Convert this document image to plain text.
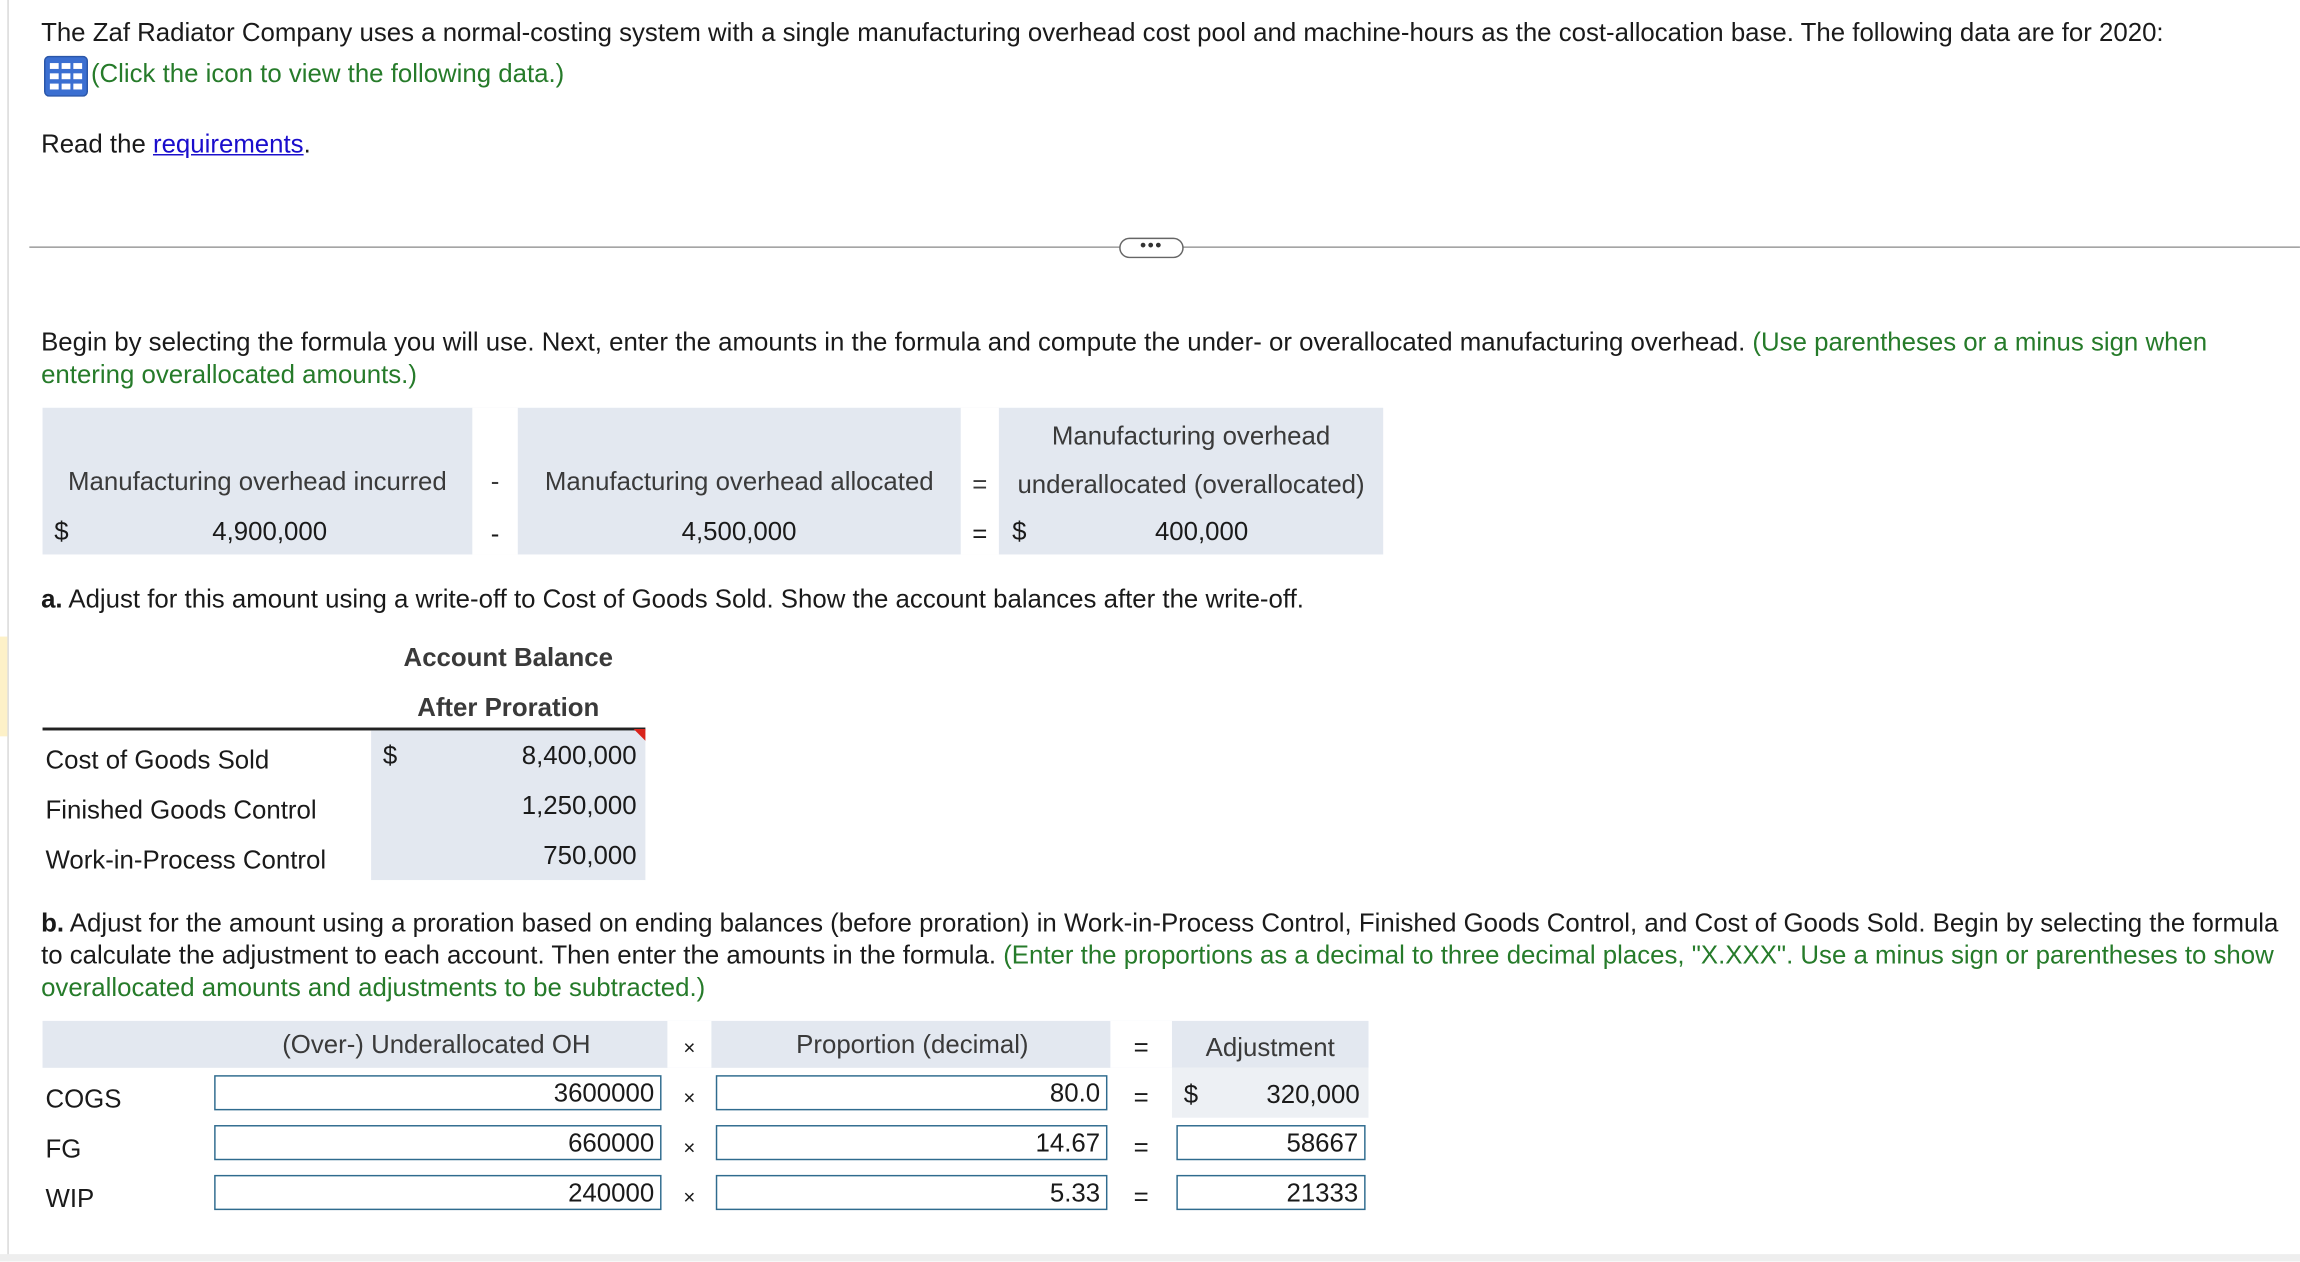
The Zaf Radiator Company uses a normal-costing system with a single manufacturing overhead cost pool and machine-hours as the cost-allocation base. The following data are for 2020:
(Click the icon to view the following data.)
Read the requirements.
•••
Begin by selecting the formula you will use. Next, enter the amounts in the formula and compute the under- or overallocated manufacturing overhead. (Use parentheses or a minus sign when
entering overallocated amounts.)
Manufacturing overhead incurred	-	Manufacturing overhead allocated	=
Manufacturing overhead
underallocated (overallocated)
$	4,900,000	-	4,500,000	=	$	400,000
a. Adjust for this amount using a write-off to Cost of Goods Sold. Show the account balances after the write-off.
Account Balance
After Proration
Cost of Goods Sold	$	8,400,000
Finished Goods Control	1,250,000
Work-in-Process Control	750,000
b. Adjust for the amount using a proration based on ending balances (before proration) in Work-in-Process Control, Finished Goods Control, and Cost of Goods Sold. Begin by selecting the formula
to calculate the adjustment to each account. Then enter the amounts in the formula. (Enter the proportions as a decimal to three decimal places, "X.XXX". Use a minus sign or parentheses to show
overallocated amounts and adjustments to be subtracted.)
(Over-) Underallocated OH	×	Proportion (decimal)	=	Adjustment
COGS	3600000	×	80.0	=	$	320,000
FG	660000	×	14.67	=	58667
WIP	240000	×	5.33	=	21333
